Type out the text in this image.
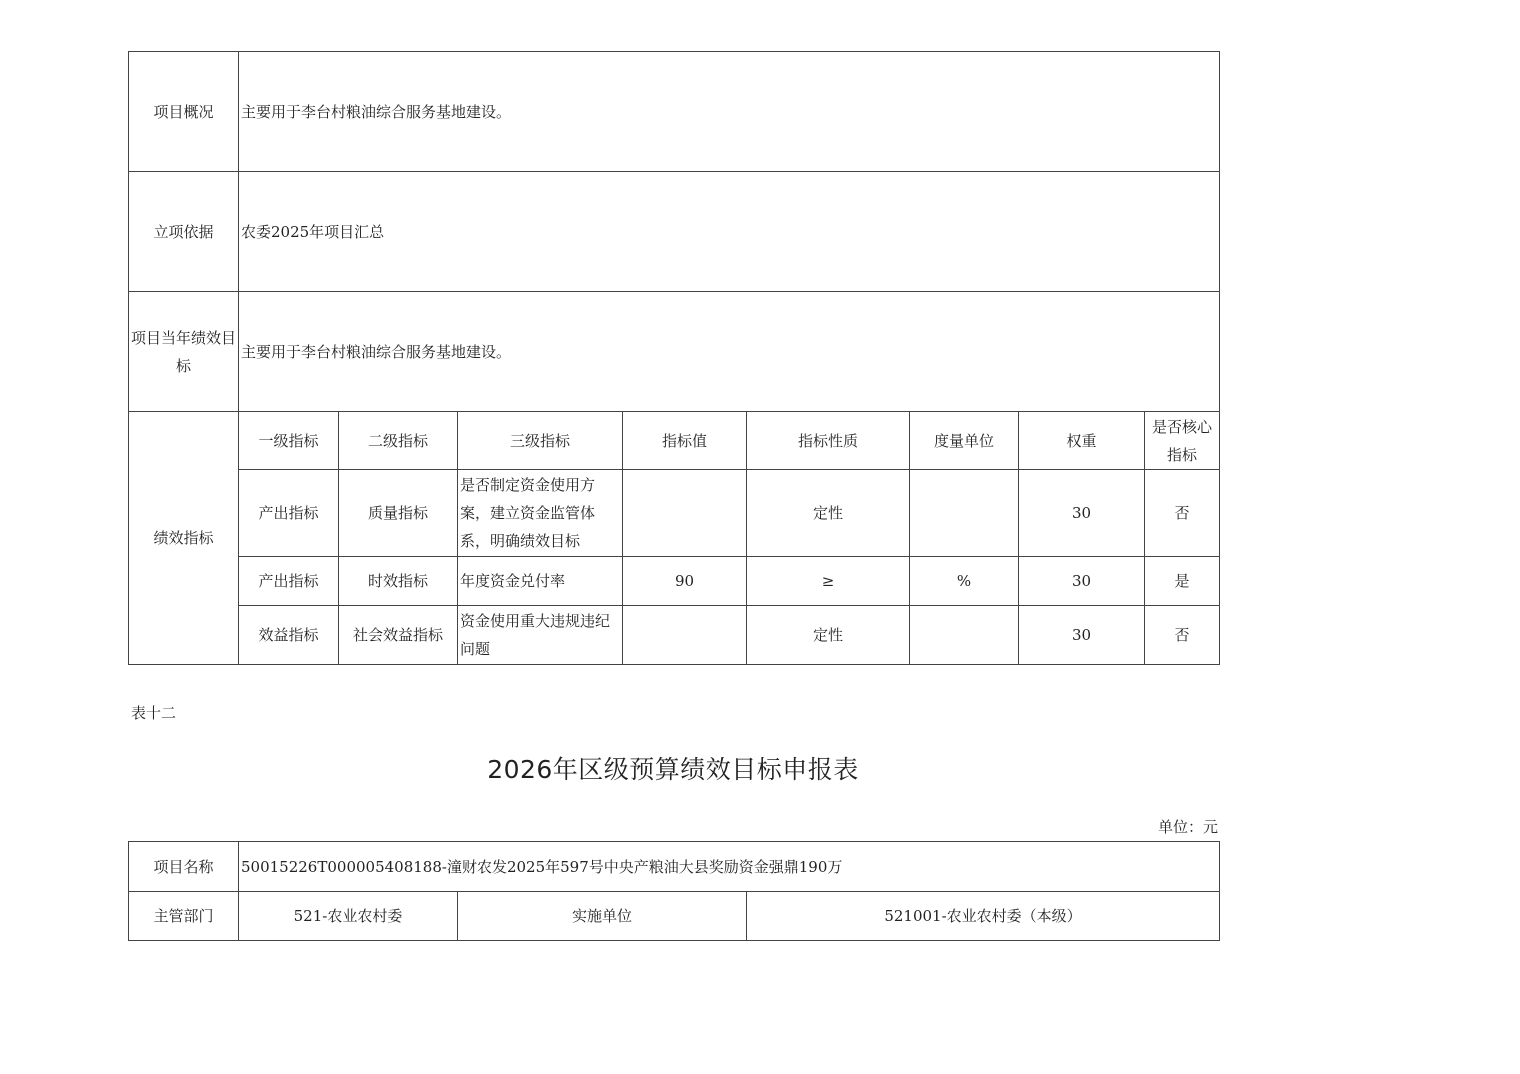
项目概况	主要用于李台村粮油综合服务基地建设。							
立项依据	农委2025年项目汇总							
项目当年绩效目标	主要用于李台村粮油综合服务基地建设。							
绩效指标	一级指标	二级指标	三级指标	指标值	指标性质	度量单位	权重	是否核心指标
	产出指标	质量指标	是否制定资金使用方案，建立资金监管体系，明确绩效目标		定性		30	否
	产出指标	时效指标	年度资金兑付率	90	≥	%	30	是
	效益指标	社会效益指标	资金使用重大违规违纪问题		定性		30	否
表十二
2026年区级预算绩效目标申报表
单位：元
项目名称	50015226T000005408188-潼财农发2025年597号中央产粮油大县奖励资金强鼎190万		
主管部门	521-农业农村委	实施单位	521001-农业农村委（本级）
